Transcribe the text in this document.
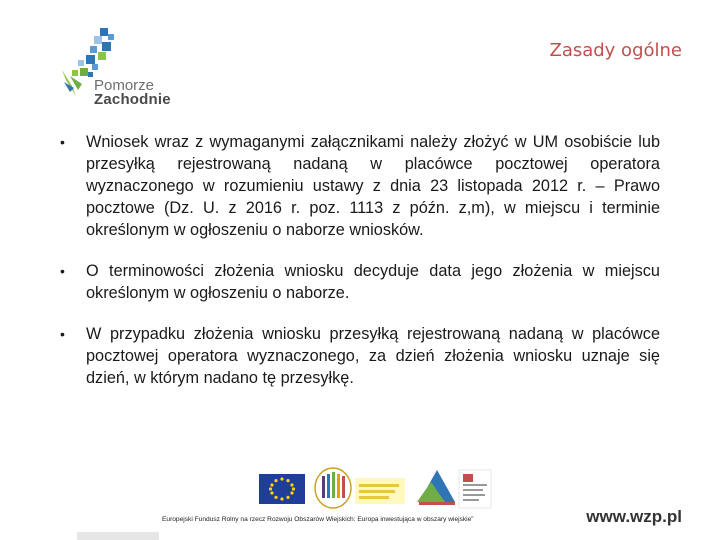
Pomorze
Zachodnie
Zasady ogólne
• Wniosek wraz z wymaganymi załącznikami należy złożyć w UM osobiście lub przesyłką rejestrowaną nadaną w placówce pocztowej operatora wyznaczonego w rozumieniu ustawy z dnia 23 listopada 2012 r. – Prawo pocztowe (Dz. U. z 2016 r. poz. 1113 z późn. z,m), w miejscu i terminie określonym w ogłoszeniu o naborze wniosków.
• O terminowości złożenia wniosku decyduje data jego złożenia w miejscu określonym w ogłoszeniu o naborze.
• W przypadku złożenia wniosku przesyłką rejestrowaną nadaną w placówce pocztowej operatora wyznaczonego, za dzień złożenia wniosku uznaje się dzień, w którym nadano tę przesyłkę.
Europejski Fundusz Rolny na rzecz Rozwoju Obszarów Wiejskich: Europa inwestująca w obszary wiejskie”	www.wzp.pl
